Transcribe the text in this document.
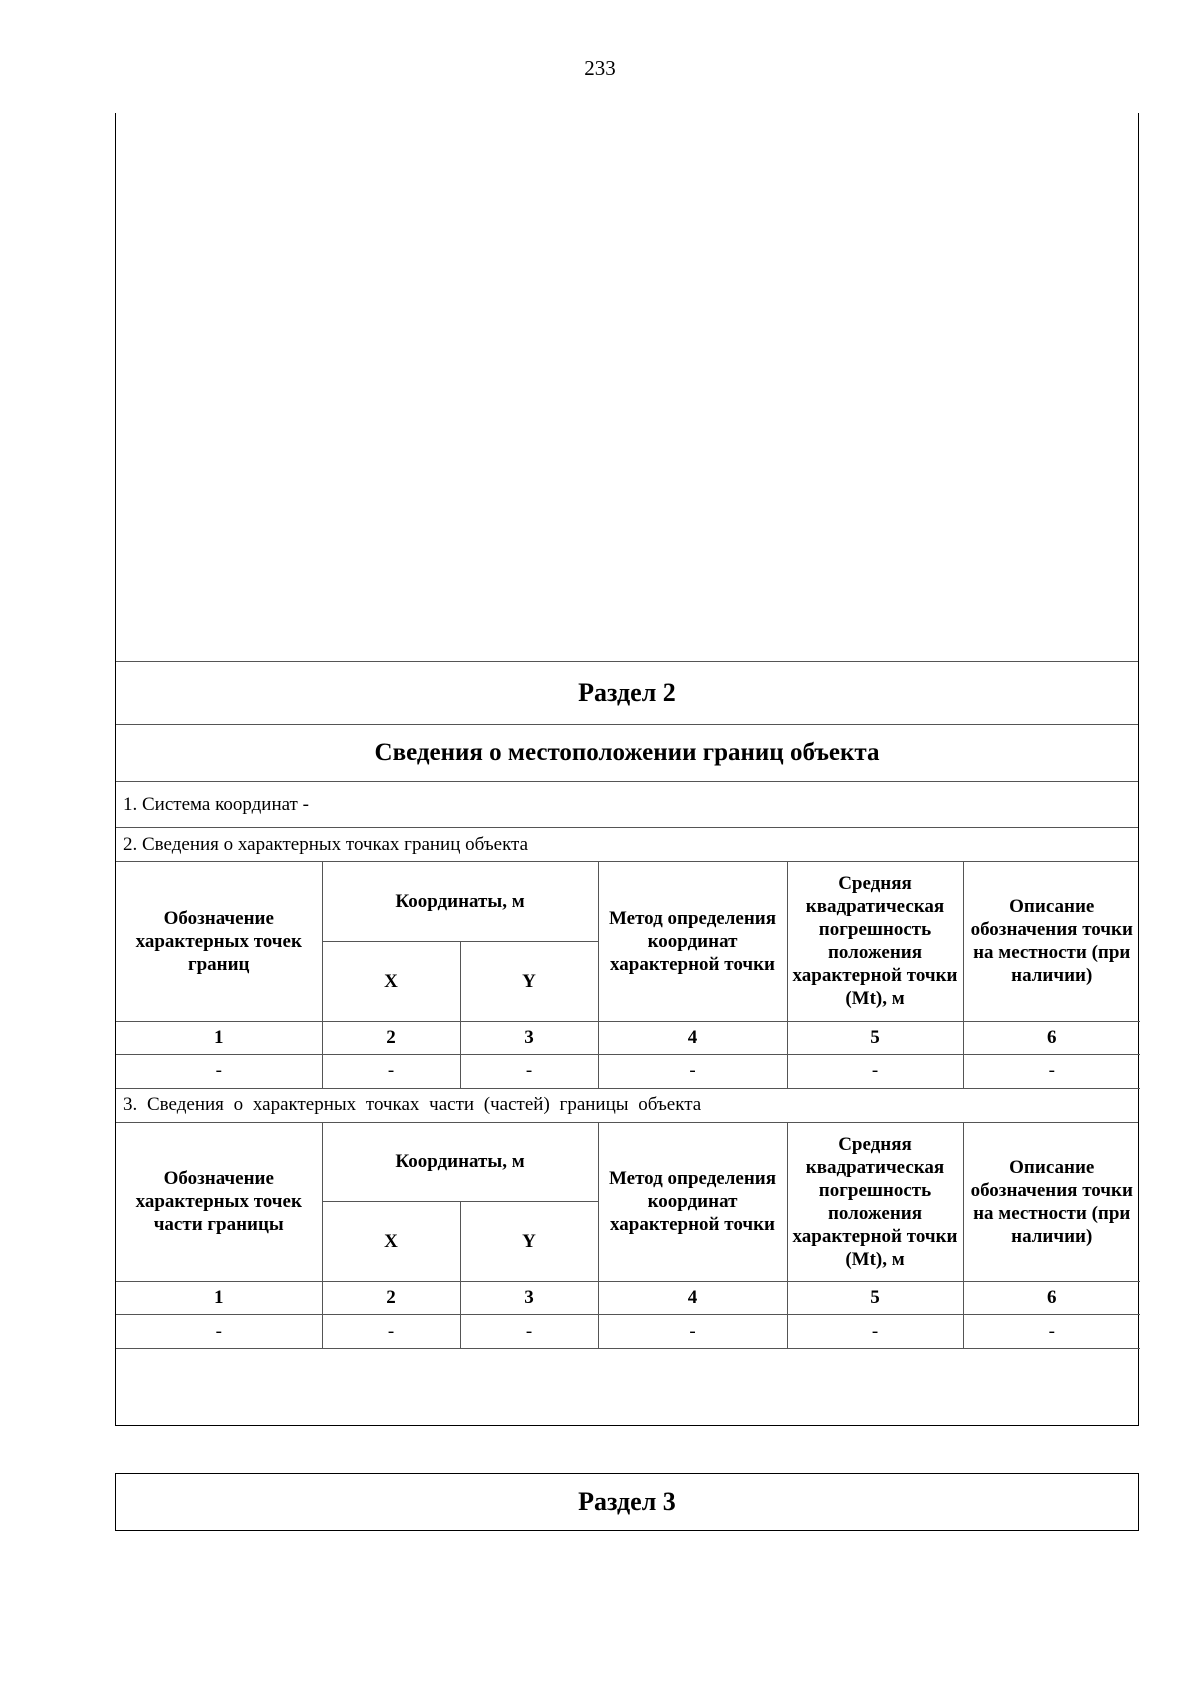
233
Раздел 2
Сведения о местоположении границ объекта
1. Система координат -
2. Сведения о характерных точках границ объекта
Обозначение характерных точек границ	Координаты, м		Метод определения координат характерной точки	Средняя квадратическая погрешность положения характерной точки (Mt), м	Описание обозначения точки на местности (при наличии)
	X	Y			
1	2	3	4	5	6
-	-	-	-	-	-
3. Сведения о характерных точках части (частей) границы объекта
Обозначение характерных точек части границы	Координаты, м		Метод определения координат характерной точки	Средняя квадратическая погрешность положения характерной точки (Mt), м	Описание обозначения точки на местности (при наличии)
	X	Y			
1	2	3	4	5	6
-	-	-	-	-	-
Раздел 3
